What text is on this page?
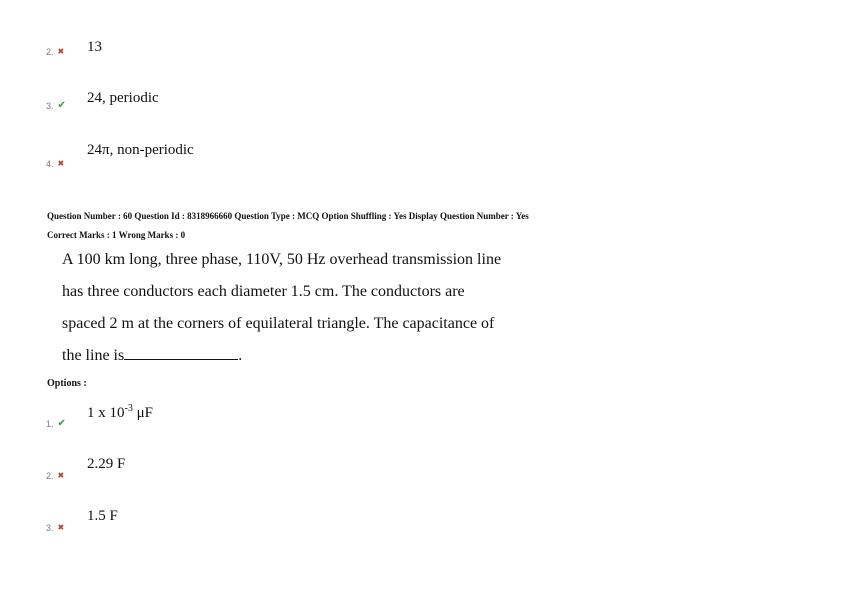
2. ✖ 13
3. ✔ 24, periodic
4. ✖
24π, non-periodic
Question Number : 60 Question Id : 8318966660 Question Type : MCQ Option Shuffling : Yes Display Question Number : Yes
Correct Marks : 1 Wrong Marks : 0
A 100 km long, three phase, 110V, 50 Hz overhead transmission line
has three conductors each diameter 1.5 cm. The conductors are
spaced 2 m at the corners of equilateral triangle. The capacitance of
the line is	.
Options :
1. ✔
1 x $10^{-3}$ μF
2. ✖
2.29 F
3. ✖
1.5 F
